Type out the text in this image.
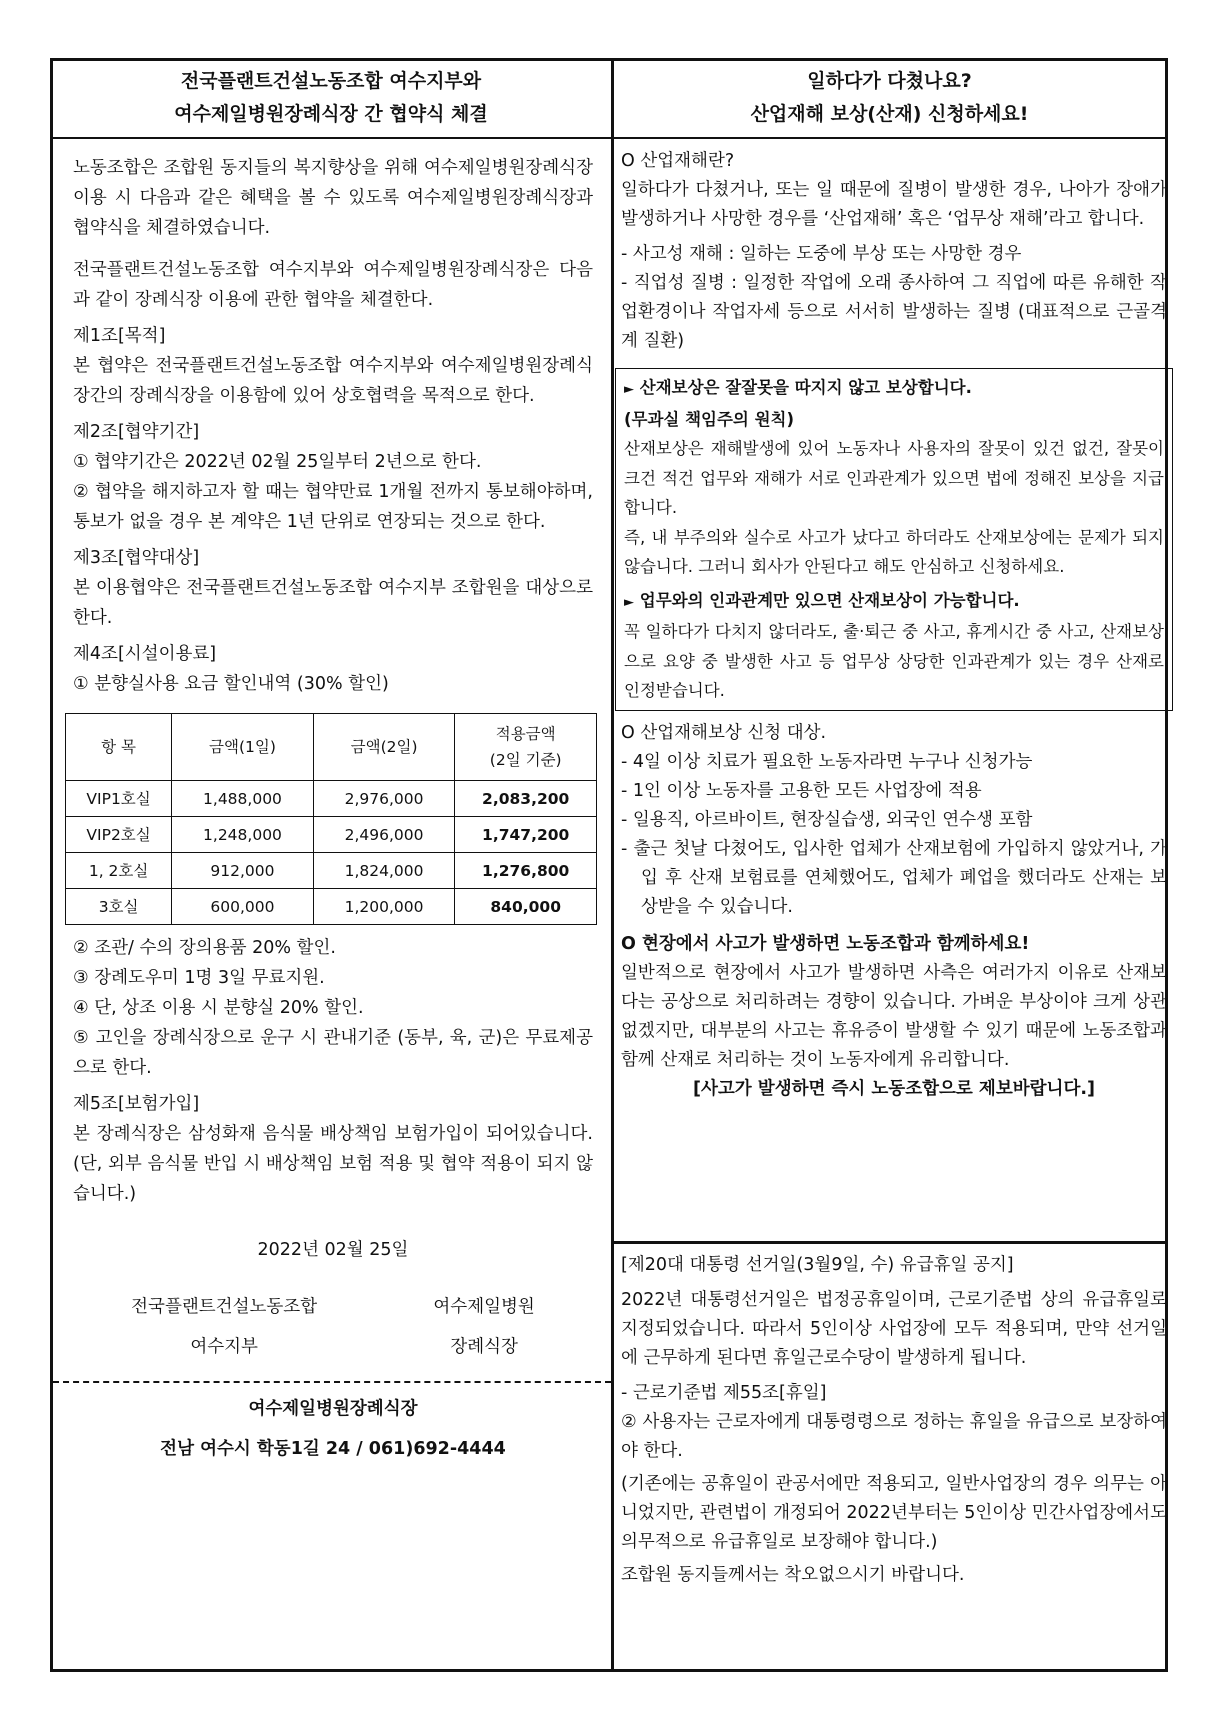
전국플랜트건설노동조합 여수지부와
여수제일병원장례식장 간 협약식 체결
일하다가 다쳤나요?
산업재해 보상(산재) 신청하세요!

노동조합은 조합원 동지들의 복지향상을 위해 여수제일병원장례식장 이용 시 다음과 같은 혜택을 볼 수 있도록 여수제일병원장례식장과 협약식을 체결하였습니다.

전국플랜트건설노동조합 여수지부와 여수제일병원장례식장은 다음과 같이 장례식장 이용에 관한 협약을 체결한다.

제1조[목적]

본 협약은 전국플랜트건설노동조합 여수지부와 여수제일병원장례식장간의 장례식장을 이용함에 있어 상호협력을 목적으로 한다.

제2조[협약기간]

① 협약기간은 2022년 02월 25일부터 2년으로 한다.

② 협약을 해지하고자 할 때는 협약만료 1개월 전까지 통보해야하며, 통보가 없을 경우 본 계약은 1년 단위로 연장되는 것으로 한다.

제3조[협약대상]

본 이용협약은 전국플랜트건설노동조합 여수지부 조합원을 대상으로 한다.

제4조[시설이용료]

① 분향실사용 요금 할인내역 (30% 할인)

항 목	금액(1일)	금액(2일)	적용금액
(2일 기준)

VIP1호실	1,488,000	2,976,000	2,083,200
VIP2호실	1,248,000	2,496,000	1,747,200
1, 2호실	912,000	1,824,000	1,276,800
3호실	600,000	1,200,000	840,000

② 조관/ 수의 장의용품 20% 할인.

③ 장례도우미 1명 3일 무료지원.

④ 단, 상조 이용 시 분향실 20% 할인.

⑤ 고인을 장례식장으로 운구 시 관내기준 (동부, 육, 군)은 무료제공으로 한다.

제5조[보험가입]

본 장례식장은 삼성화재 음식물 배상책임 보험가입이 되어있습니다. (단, 외부 음식물 반입 시 배상책임 보험 적용 및 협약 적용이 되지 않습니다.)

2022년 02월 25일

전국플랜트건설노동조합
여수지부
여수제일병원
장례식장
여수제일병원장례식장
전남 여수시 학동1길 24 / 061)692-4444

O 산업재해란?

일하다가 다쳤거나, 또는 일 때문에 질병이 발생한 경우, 나아가 장애가 발생하거나 사망한 경우를 ‘산업재해’ 혹은 ‘업무상 재해’라고 합니다.

- 사고성 재해 : 일하는 도중에 부상 또는 사망한 경우

- 직업성 질병 : 일정한 작업에 오래 종사하여 그 직업에 따른 유해한 작업환경이나 작업자세 등으로 서서히 발생하는 질병 (대표적으로 근골격계 질환)

► 산재보상은 잘잘못을 따지지 않고 보상합니다.

(무과실 책임주의 원칙)

산재보상은 재해발생에 있어 노동자나 사용자의 잘못이 있건 없건, 잘못이 크건 적건 업무와 재해가 서로 인과관계가 있으면 법에 정해진 보상을 지급합니다.

즉, 내 부주의와 실수로 사고가 났다고 하더라도 산재보상에는 문제가 되지 않습니다. 그러니 회사가 안된다고 해도 안심하고 신청하세요.

► 업무와의 인과관계만 있으면 산재보상이 가능합니다.

꼭 일하다가 다치지 않더라도, 출·퇴근 중 사고, 휴게시간 중 사고, 산재보상으로 요양 중 발생한 사고 등 업무상 상당한 인과관계가 있는 경우 산재로 인정받습니다.

O 산업재해보상 신청 대상.

- 4일 이상 치료가 필요한 노동자라면 누구나 신청가능

- 1인 이상 노동자를 고용한 모든 사업장에 적용

- 일용직, 아르바이트, 현장실습생, 외국인 연수생 포함

- 출근 첫날 다쳤어도, 입사한 업체가 산재보험에 가입하지 않았거나, 가입 후 산재 보험료를 연체했어도, 업체가 폐업을 했더라도 산재는 보상받을 수 있습니다.

O 현장에서 사고가 발생하면 노동조합과 함께하세요!

일반적으로 현장에서 사고가 발생하면 사측은 여러가지 이유로 산재보다는 공상으로 처리하려는 경향이 있습니다. 가벼운 부상이야 크게 상관없겠지만, 대부분의 사고는 휴유증이 발생할 수 있기 때문에 노동조합과 함께 산재로 처리하는 것이 노동자에게 유리합니다.

[사고가 발생하면 즉시 노동조합으로 제보바랍니다.]

[제20대 대통령 선거일(3월9일, 수) 유급휴일 공지]

2022년 대통령선거일은 법정공휴일이며, 근로기준법 상의 유급휴일로 지정되었습니다. 따라서 5인이상 사업장에 모두 적용되며, 만약 선거일에 근무하게 된다면 휴일근로수당이 발생하게 됩니다.

- 근로기준법 제55조[휴일]

② 사용자는 근로자에게 대통령령으로 정하는 휴일을 유급으로 보장하여야 한다.

(기존에는 공휴일이 관공서에만 적용되고, 일반사업장의 경우 의무는 아니었지만, 관련법이 개정되어 2022년부터는 5인이상 민간사업장에서도 의무적으로 유급휴일로 보장해야 합니다.)

조합원 동지들께서는 착오없으시기 바랍니다.
